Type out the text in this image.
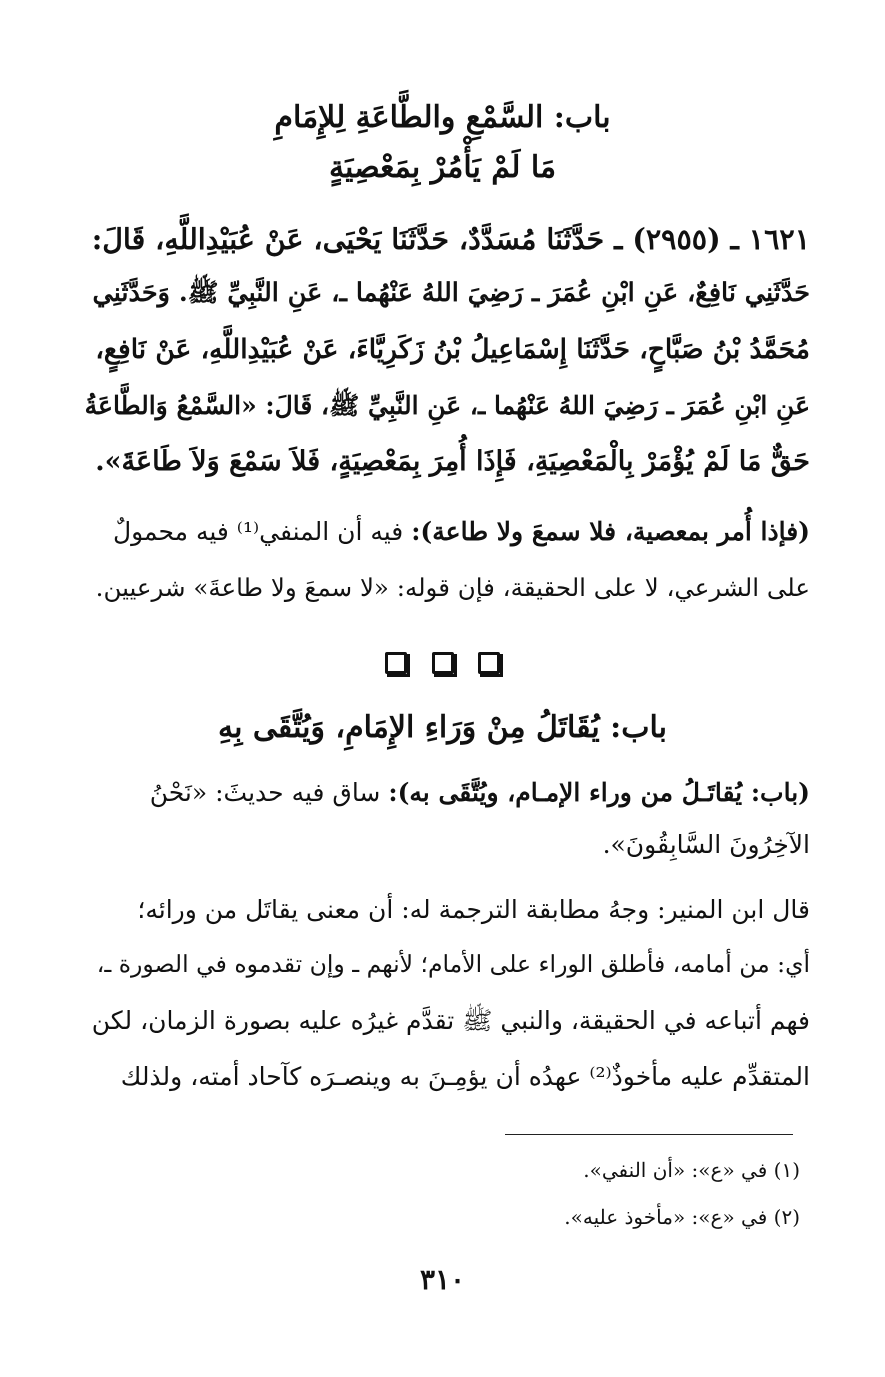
باب: السَّمْعِ والطَّاعَةِ لِلإِمَامِ
مَا لَمْ يَأْمُرْ بِمَعْصِيَةٍ
١٦٢١ ـ (٢٩٥٥) ـ حَدَّثَنَا مُسَدَّدٌ، حَدَّثَنَا يَحْيَى، عَنْ عُبَيْدِاللَّهِ، قَالَ:
حَدَّثَنِي نَافِعٌ، عَنِ ابْنِ عُمَرَ ـ رَضِيَ اللهُ عَنْهُما ـ، عَنِ النَّبِيِّ ﷺ. وَحَدَّثَنِي
مُحَمَّدُ بْنُ صَبَّاحٍ، حَدَّثَنَا إِسْمَاعِيلُ بْنُ زَكَرِيَّاءَ، عَنْ عُبَيْدِاللَّهِ، عَنْ نَافِعٍ،
عَنِ ابْنِ عُمَرَ ـ رَضِيَ اللهُ عَنْهُما ـ، عَنِ النَّبِيِّ ﷺ، قَالَ: «السَّمْعُ وَالطَّاعَةُ
حَقٌّ مَا لَمْ يُؤْمَرْ بِالْمَعْصِيَةِ، فَإِذَا أُمِرَ بِمَعْصِيَةٍ، فَلاَ سَمْعَ وَلاَ طَاعَةَ».
(فإذا أُمر بمعصية، فلا سمعَ ولا طاعة): فيه أن المنفي⁽¹⁾ فيه محمولٌ
على الشرعي، لا على الحقيقة، فإن قوله: «لا سمعَ ولا طاعةَ» شرعيين.
باب: يُقَاتَلُ مِنْ وَرَاءِ الإِمَامِ، وَيُتَّقَى بِهِ
(باب: يُقاتَـلُ من وراء الإمـام، ويُتَّقَى به): ساق فيه حديثَ: «نَحْنُ
الآخِرُونَ السَّابِقُونَ».
قال ابن المنير: وجهُ مطابقة الترجمة له: أن معنى يقاتَل من ورائه؛
أي: من أمامه، فأطلق الوراء على الأمام؛ لأنهم ـ وإن تقدموه في الصورة ـ،
فهم أتباعه في الحقيقة، والنبي ﷺ تقدَّم غيرُه عليه بصورة الزمان، لكن
المتقدِّم عليه مأخوذٌ⁽²⁾ عهدُه أن يؤمِـنَ به وينصـرَه كآحاد أمته، ولذلك
(١) في «ع»: «أن النفي».
(٢) في «ع»: «مأخوذ عليه».
٣١٠
